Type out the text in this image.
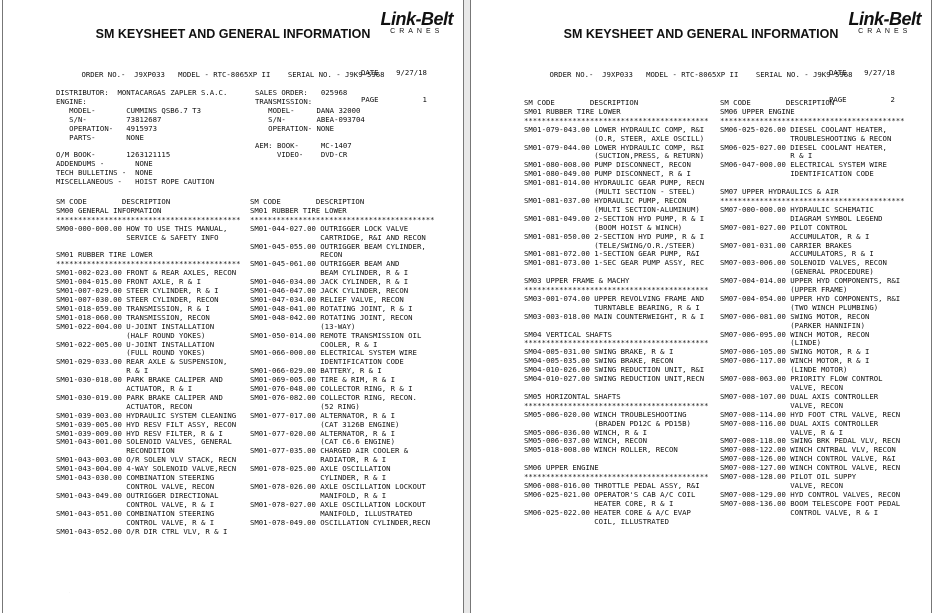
SM KEYSHEET AND GENERAL INFORMATION
Link-Belt
CRANES

DATE    9/27/18

PAGE          1

ORDER NO.-  J9XP033   MODEL - RTC-8065XP II    SERIAL NO. - J9K9-5968
DISTRIBUTOR:  MONTACARGAS ZAPLER S.A.C.
ENGINE:
MODEL-       CUMMINS QSB6.7 T3
S/N-         73812687
OPERATION-   4915973
PARTS-       NONE

O/M BOOK-       1263121115
ADDENDUMS -       NONE
TECH BULLETINS -  NONE
MISCELLANEOUS -   HOIST ROPE CAUTION
SALES ORDER:   025968
TRANSMISSION:
MODEL-     DANA 32000
S/N-       ABEA-093704
OPERATION- NONE

AEM: BOOK-     MC-1407
VIDEO-    DVD-CR
SM CODE        DESCRIPTION
SM00 GENERAL INFORMATION
******************************************
SM00-000-000.00 HOW TO USE THIS MANUAL,
SERVICE & SAFETY INFO

SM01 RUBBER TIRE LOWER
******************************************
SM01-002-023.00 FRONT & REAR AXLES, RECON
SM01-004-015.00 FRONT AXLE, R & I
SM01-007-029.00 STEER CYLINDER, R & I
SM01-007-030.00 STEER CYLINDER, RECON
SM01-018-059.00 TRANSMISSION, R & I
SM01-018-060.00 TRANSMISSION, RECON
SM01-022-004.00 U-JOINT INSTALLATION
(HALF ROUND YOKES)
SM01-022-005.00 U-JOINT INSTALLATION
(FULL ROUND YOKES)
SM01-029-033.00 REAR AXLE & SUSPENSION,
R & I
SM01-030-018.00 PARK BRAKE CALIPER AND
ACTUATOR, R & I
SM01-030-019.00 PARK BRAKE CALIPER AND
ACTUATOR, RECON
SM01-039-003.00 HYDRAULIC SYSTEM CLEANING
SM01-039-005.00 HYD RESV FILT ASSY, RECON
SM01-039-009.00 HYD RESV FILTER, R & I
SM01-043-001.00 SOLENOID VALVES, GENERAL
RECONDITION
SM01-043-003.00 O/R SOLEN VLV STACK, RECN
SM01-043-004.00 4-WAY SOLENOID VALVE,RECN
SM01-043-030.00 COMBINATION STEERING
CONTROL VALVE, RECON
SM01-043-049.00 OUTRIGGER DIRECTIONAL
CONTROL VALVE, R & I
SM01-043-051.00 COMBINATION STEERING
CONTROL VALVE, R & I
SM01-043-052.00 O/R DIR CTRL VLV, R & I
SM CODE        DESCRIPTION
SM01 RUBBER TIRE LOWER
******************************************
SM01-044-027.00 OUTRIGGER LOCK VALVE
CARTRIDGE, R&I AND RECON
SM01-045-055.00 OUTRIGGER BEAM CYLINDER,
RECON
SM01-045-061.00 OUTRIGGER BEAM AND
BEAM CYLINDER, R & I
SM01-046-034.00 JACK CYLINDER, R & I
SM01-046-047.00 JACK CYLINDER, RECON
SM01-047-034.00 RELIEF VALVE, RECON
SM01-048-041.00 ROTATING JOINT, R & I
SM01-048-042.00 ROTATING JOINT, RECON
(13-WAY)
SM01-050-014.00 REMOTE TRANSMISSION OIL
COOLER, R & I
SM01-066-000.00 ELECTRICAL SYSTEM WIRE
IDENTIFICATION CODE
SM01-066-029.00 BATTERY, R & I
SM01-069-005.00 TIRE & RIM, R & I
SM01-076-048.00 COLLECTOR RING, R & I
SM01-076-082.00 COLLECTOR RING, RECON.
(52 RING)
SM01-077-017.00 ALTERNATOR, R & I
(CAT 3126B ENGINE)
SM01-077-020.00 ALTERNATOR, R & I
(CAT C6.6 ENGINE)
SM01-077-035.00 CHARGED AIR COOLER &
RADIATOR, R & I
SM01-078-025.00 AXLE OSCILLATION
CYLINDER, R & I
SM01-078-026.00 AXLE OSCILLATION LOCKOUT
MANIFOLD, R & I
SM01-078-027.00 AXLE OSCILLATION LOCKOUT
MANIFOLD, ILLUSTRATED
SM01-078-049.00 OSCILLATION CYLINDER,RECN
.
SM KEYSHEET AND GENERAL INFORMATION
Link-Belt
CRANES

DATE    9/27/18

PAGE          2

ORDER NO.-  J9XP033   MODEL - RTC-8065XP II    SERIAL NO. - J9K9-5968
SM CODE        DESCRIPTION
SM01 RUBBER TIRE LOWER
******************************************
SM01-079-043.00 LOWER HYDRAULIC COMP, R&I
(O.R, STEER, AXLE OSCILL)
SM01-079-044.00 LOWER HYDRAULIC COMP, R&I
(SUCTION,PRESS, & RETURN)
SM01-080-008.00 PUMP DISCONNECT, RECON
SM01-080-049.00 PUMP DISCONNECT, R & I
SM01-081-014.00 HYDRAULIC GEAR PUMP, RECN
(MULTI SECTION - STEEL)
SM01-081-037.00 HYDRAULIC PUMP, RECON
(MULTI SECTION-ALUMINUM)
SM01-081-049.00 2-SECTION HYD PUMP, R & I
(BOOM HOIST & WINCH)
SM01-081-050.00 2-SECTION HYD PUMP, R & I
(TELE/SWING/O.R./STEER)
SM01-081-072.00 1-SECTION GEAR PUMP, R&I
SM01-081-073.00 1-SEC GEAR PUMP ASSY, REC

SM03 UPPER FRAME & MACHY
******************************************
SM03-001-074.00 UPPER REVOLVING FRAME AND
TURNTABLE BEARING, R & I
SM03-003-018.00 MAIN COUNTERWEIGHT, R & I

SM04 VERTICAL SHAFTS
******************************************
SM04-005-031.00 SWING BRAKE, R & I
SM04-005-035.00 SWING BRAKE, RECON
SM04-010-026.00 SWING REDUCTION UNIT, R&I
SM04-010-027.00 SWING REDUCTION UNIT,RECN

SM05 HORIZONTAL SHAFTS
******************************************
SM05-006-020.00 WINCH TROUBLESHOOTING
(BRADEN PD12C & PD15B)
SM05-006-036.00 WINCH, R & I
SM05-006-037.00 WINCH, RECON
SM05-018-008.00 WINCH ROLLER, RECON

SM06 UPPER ENGINE
******************************************
SM06-008-016.00 THROTTLE PEDAL ASSY, R&I
SM06-025-021.00 OPERATOR'S CAB A/C COIL
HEATER CORE, R & I
SM06-025-022.00 HEATER CORE & A/C EVAP
COIL, ILLUSTRATED
SM CODE        DESCRIPTION
SM06 UPPER ENGINE
******************************************
SM06-025-026.00 DIESEL COOLANT HEATER,
TROUBLESHOOTING & RECON
SM06-025-027.00 DIESEL COOLANT HEATER,
R & I
SM06-047-000.00 ELECTRICAL SYSTEM WIRE
IDENTIFICATION CODE

SM07 UPPER HYDRAULICS & AIR
******************************************
SM07-000-000.00 HYDRAULIC SCHEMATIC
DIAGRAM SYMBOL LEGEND
SM07-001-027.00 PILOT CONTROL
ACCUMULATOR, R & I
SM07-001-031.00 CARRIER BRAKES
ACCUMULATORS, R & I
SM07-003-006.00 SOLENOID VALVES, RECON
(GENERAL PROCEDURE)
SM07-004-014.00 UPPER HYD COMPONENTS, R&I
(UPPER FRAME)
SM07-004-054.00 UPPER HYD COMPONENTS, R&I
(TWO WINCH PLUMBING)
SM07-006-081.00 SWING MOTOR, RECON
(PARKER HANNIFIN)
SM07-006-095.00 WINCH MOTOR, RECON
(LINDE)
SM07-006-105.00 SWING MOTOR, R & I
SM07-006-117.00 WINCH MOTOR, R & I
(LINDE MOTOR)
SM07-008-063.00 PRIORITY FLOW CONTROL
VALVE, RECON
SM07-008-107.00 DUAL AXIS CONTROLLER
VALVE, RECON
SM07-008-114.00 HYD FOOT CTRL VALVE, RECN
SM07-008-116.00 DUAL AXIS CONTROLLER
VALVE, R & I
SM07-008-118.00 SWING BRK PEDAL VLV, RECN
SM07-008-122.00 WINCH CNTRBAL VLV, RECON
SM07-008-126.00 WINCH CONTROL VALVE, R&I
SM07-008-127.00 WINCH CONTROL VALVE, RECN
SM07-008-128.00 PILOT OIL SUPPY
VALVE, RECON
SM07-008-129.00 HYD CONTROL VALVES, RECON
SM07-008-136.00 BOOM TELESCOPE FOOT PEDAL
CONTROL VALVE, R & I
